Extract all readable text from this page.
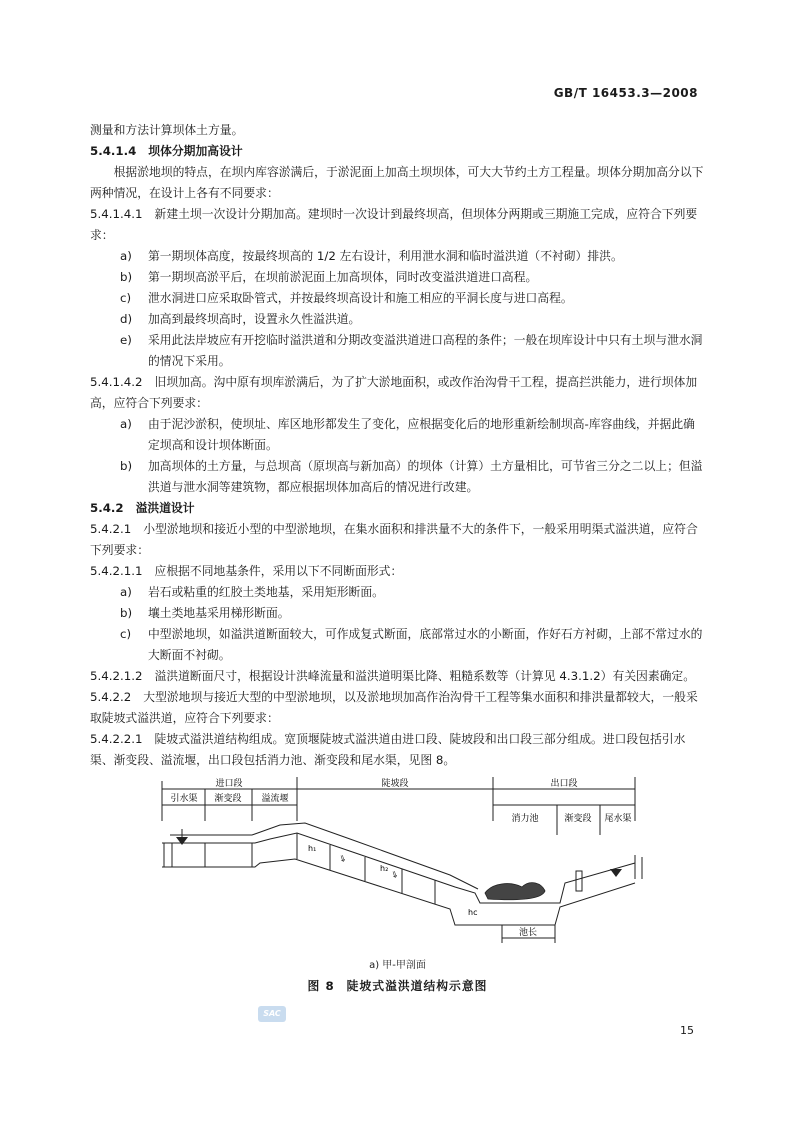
GB/T 16453.3—2008

测量和方法计算坝体土方量。

5.4.1.4 坝体分期加高设计

根据淤地坝的特点，在坝内库容淤满后，于淤泥面上加高土坝坝体，可大大节约土方工程量。坝体分期加高分以下两种情况，在设计上各有不同要求：

5.4.1.4.1 新建土坝一次设计分期加高。建坝时一次设计到最终坝高，但坝体分两期或三期施工完成，应符合下列要求：

a) 第一期坝体高度，按最终坝高的 1/2 左右设计，利用泄水洞和临时溢洪道（不衬砌）排洪。

b) 第一期坝高淤平后，在坝前淤泥面上加高坝体，同时改变溢洪道进口高程。

c) 泄水洞进口应采取卧管式，并按最终坝高设计和施工相应的平洞长度与进口高程。

d) 加高到最终坝高时，设置永久性溢洪道。

e) 采用此法岸坡应有开挖临时溢洪道和分期改变溢洪道进口高程的条件；一般在坝库设计中只有土坝与泄水洞的情况下采用。

5.4.1.4.2 旧坝加高。沟中原有坝库淤满后，为了扩大淤地面积，或改作治沟骨干工程，提高拦洪能力，进行坝体加高，应符合下列要求：

a) 由于泥沙淤积，使坝址、库区地形都发生了变化，应根据变化后的地形重新绘制坝高-库容曲线，并据此确定坝高和设计坝体断面。

b) 加高坝体的土方量，与总坝高（原坝高与新加高）的坝体（计算）土方量相比，可节省三分之二以上；但溢洪道与泄水洞等建筑物，都应根据坝体加高后的情况进行改建。

5.4.2 溢洪道设计

5.4.2.1 小型淤地坝和接近小型的中型淤地坝，在集水面积和排洪量不大的条件下，一般采用明渠式溢洪道，应符合下列要求：

5.4.2.1.1 应根据不同地基条件，采用以下不同断面形式：

a) 岩石或粘重的红胶土类地基，采用矩形断面。

b) 壤土类地基采用梯形断面。

c) 中型淤地坝，如溢洪道断面较大，可作成复式断面，底部常过水的小断面，作好石方衬砌，上部不常过水的大断面不衬砌。

5.4.2.1.2 溢洪道断面尺寸，根据设计洪峰流量和溢洪道明渠比降、粗糙系数等（计算见 4.3.1.2）有关因素确定。

5.4.2.2 大型淤地坝与接近大型的中型淤地坝，以及淤地坝加高作治沟骨干工程等集水面积和排洪量都较大，一般采取陡坡式溢洪道，应符合下列要求：

5.4.2.2.1 陡坡式溢洪道结构组成。宽顶堰陡坡式溢洪道由进口段、陡坡段和出口段三部分组成。进口段包括引水渠、渐变段、溢流堰，出口段包括消力池、渐变段和尾水渠，见图 8。

⇘
⇘
进口段	陡坡段	出口段
引水渠 渐变段 溢流堰
消力池	渐变段 尾水渠
池长
h₁
h₂
hc

a) 甲-甲剖面

图 8 陡坡式溢洪道结构示意图

SAC
15
